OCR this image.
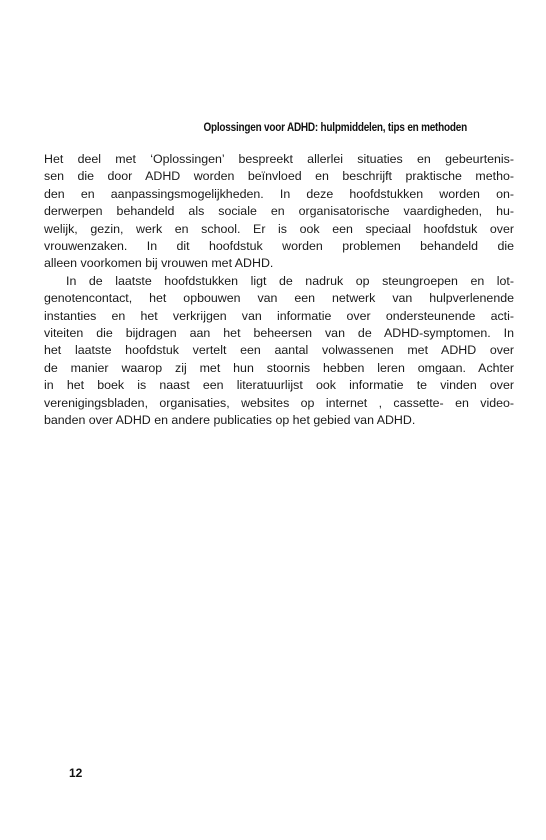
Oplossingen voor ADHD: hulpmiddelen, tips en methoden

Het deel met ‘Oplossingen’ bespreekt allerlei situaties en gebeurtenis-
sen die door ADHD worden beïnvloed en beschrijft praktische metho-
den en aanpassingsmogelijkheden. In deze hoofdstukken worden on-
derwerpen behandeld als sociale en organisatorische vaardigheden, hu-
welijk, gezin, werk en school. Er is ook een speciaal hoofdstuk over
vrouwenzaken. In dit hoofdstuk worden problemen behandeld die
alleen voorkomen bij vrouwen met ADHD.

In de laatste hoofdstukken ligt de nadruk op steungroepen en lot-
genotencontact, het opbouwen van een netwerk van hulpverlenende
instanties en het verkrijgen van informatie over ondersteunende acti-
viteiten die bijdragen aan het beheersen van de ADHD-symptomen. In
het laatste hoofdstuk vertelt een aantal volwassenen met ADHD over
de manier waarop zij met hun stoornis hebben leren omgaan. Achter
in het boek is naast een literatuurlijst ook informatie te vinden over
verenigingsbladen, organisaties, websites op internet , cassette- en video-
banden over ADHD en andere publicaties op het gebied van ADHD.

12
